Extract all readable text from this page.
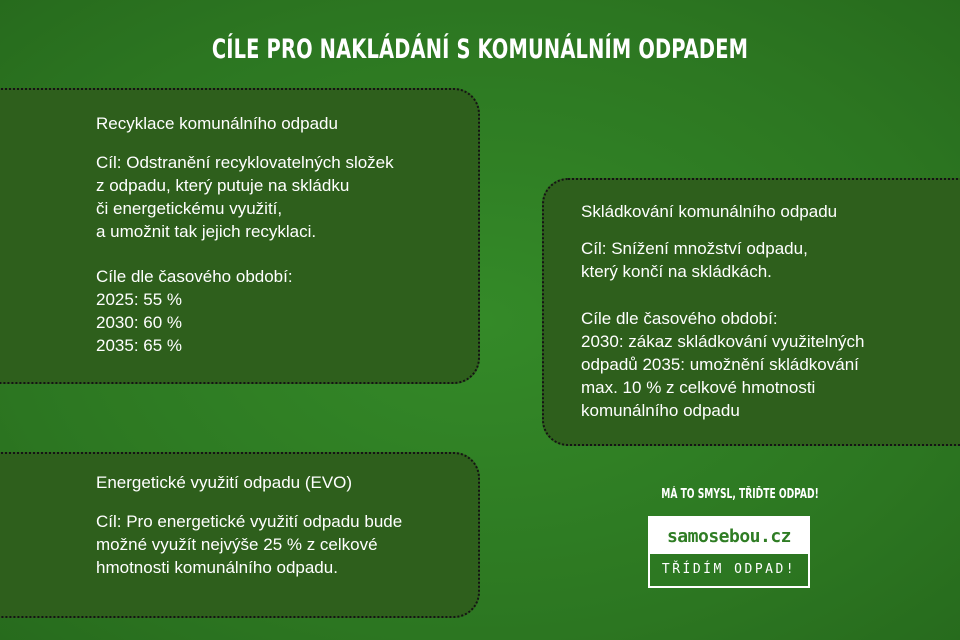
CÍLE PRO NAKLÁDÁNÍ S KOMUNÁLNÍM ODPADEM
Recyklace komunálního odpadu
Cíl: Odstranění recyklovatelných složek
z odpadu, který putuje na skládku
či energetickému využití,
a umožnit tak jejich recyklaci.
Cíle dle časového období:
2025: 55 %
2030: 60 %
2035: 65 %
Skládkování komunálního odpadu
Cíl: Snížení množství odpadu,
který končí na skládkách.
Cíle dle časového období:
2030: zákaz skládkování využitelných
odpadů 2035: umožnění skládkování
max. 10 % z celkové hmotnosti
komunálního odpadu
Energetické využití odpadu (EVO)
Cíl: Pro energetické využití odpadu bude
možné využít nejvýše 25 % z celkové
hmotnosti komunálního odpadu.
MÁ TO SMYSL, TŘIĎTE ODPAD!
samosebou.cz
TŘÍDÍM ODPAD!
